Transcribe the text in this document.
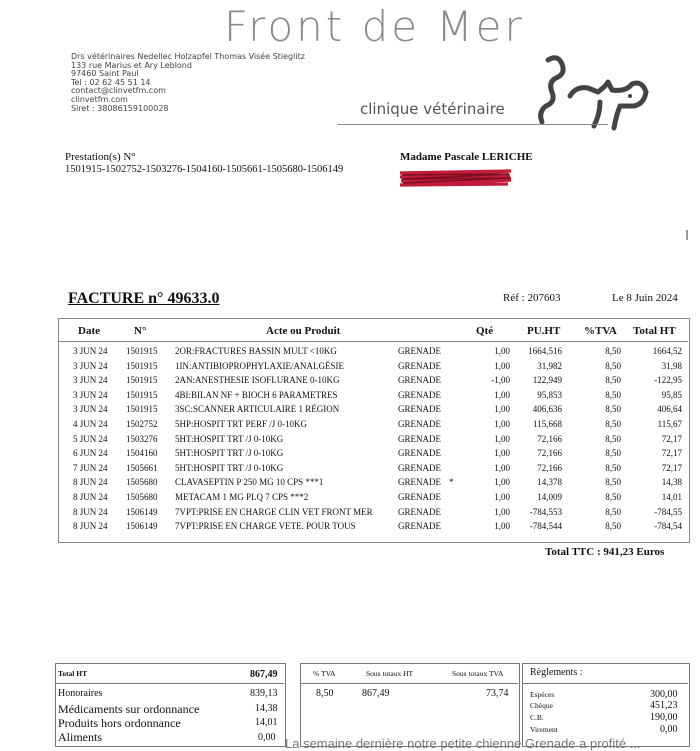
Front de Mer
Drs vétérinaires Nedellec Holzapfel Thomas Visée Stieglitz
133 rue Marius et Ary Leblond
97460 Saint Paul
Tel : 02 62 45 51 14
contact@clinvetfm.com
clinvetfm.com
Siret : 38086159100028	clinique vétérinaire
Prestation(s) N°
1501915-1502752-1503276-1504160-1505661-1505680-1506149
Madame Pascale LERICHE
FACTURE n° 49633.0	Réf : 207603	Le 8 Juin 2024
Date	N°	Acte ou Produit	Qté	PU.HT %TVA Total HT
3 JUN 24 1501915 2OR:FRACTURES BASSIN MULT <10KG	GRENADE	1,00	1664,516	8,50	1664,52
3 JUN 24 1501915 1IN:ANTIBIOPROPHYLAXIE/ANALGÉSIE	GRENADE	1,00	31,982	8,50	31,98
3 JUN 24 1501915 2AN:ANESTHESIE ISOFLURANE 0-10KG	GRENADE	-1,00	122,949	8,50	-122,95
3 JUN 24 1501915 4BI:BILAN NF + BIOCH 6 PARAMETRES	GRENADE	1,00	95,853	8,50	95,85
3 JUN 24 1501915 3SC:SCANNER ARTICULAIRE 1 RÉGION	GRENADE	1,00	406,636	8,50	406,64
4 JUN 24 1502752 5HP:HOSPIT TRT PERF /J 0-10KG	GRENADE	1,00	115,668	8,50	115,67
5 JUN 24 1503276 5HT:HOSPIT TRT /J 0-10KG	GRENADE	1,00	72,166	8,50	72,17
6 JUN 24 1504160 5HT:HOSPIT TRT /J 0-10KG	GRENADE	1,00	72,166	8,50	72,17
7 JUN 24 1505661 5HT:HOSPIT TRT /J 0-10KG	GRENADE	1,00	72,166	8,50	72,17
8 JUN 24 1505680 CLAVASEPTIN P 250 MG 10 CPS ***1	GRENADE	1,00	14,378	8,50	14,38
*
8 JUN 24 1505680 METACAM 1 MG PLQ 7 CPS ***2	GRENADE	1,00	14,009	8,50	14,01
8 JUN 24 1506149 7VPT:PRISE EN CHARGE CLIN VET FRONT MER	GRENADE	1,00	-784,553	8,50	-784,55
8 JUN 24 1506149 7VPT:PRISE EN CHARGE VETE. POUR TOUS	GRENADE	1,00	-784,544	8,50	-784,54
Total TTC : 941,23 Euros
Total HT	867,49
Honoraires	839,13
Médicaments sur ordonnance	14,38
Produits hors ordonnance	14,01
Aliments	0,00
% TVA	Sous totaux HT	Sous totaux TVA
8,50	867,49	73,74
Règlements :
Espèces	300,00
Chèque	451,23
C.B.	190,00
Virement	0,00
La semaine dernière notre petite chienne Grenade a profité ...
